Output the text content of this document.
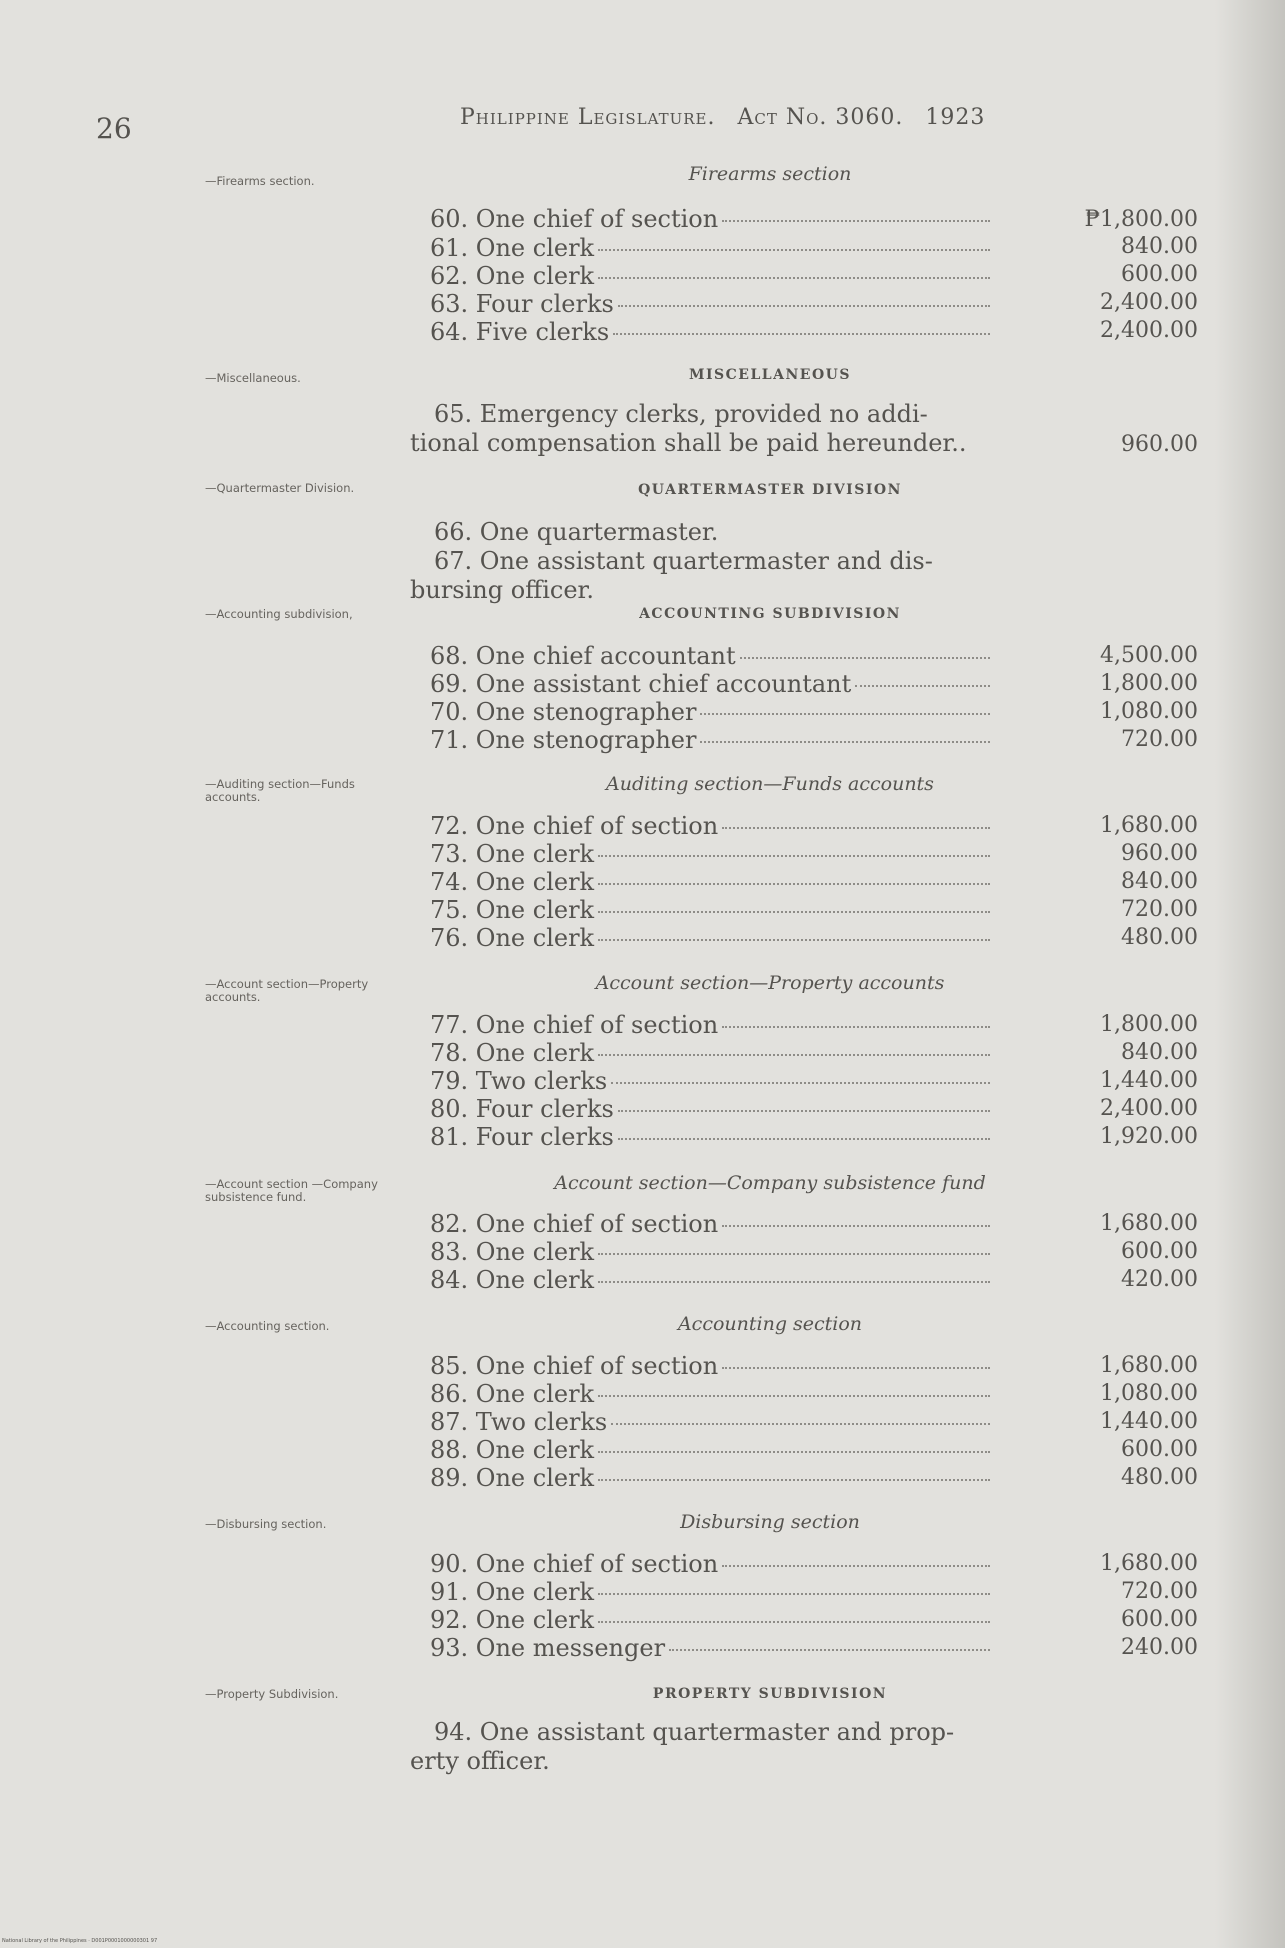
26	Philippine Legislature. Act No. 3060. 1923
—Firearms section.	Firearms section
60. One chief of section	₱1,800.00
61. One clerk	840.00
62. One clerk	600.00
63. Four clerks	2,400.00
64. Five clerks	2,400.00
—Miscellaneous.	MISCELLANEOUS
65. Emergency clerks, provided no addi-
tional compensation shall be paid hereunder..	960.00
—Quartermaster Division.	QUARTERMASTER DIVISION
66. One quartermaster.
67. One assistant quartermaster and dis-
bursing officer.
—Accounting subdivision,	ACCOUNTING SUBDIVISION
68. One chief accountant	4,500.00
69. One assistant chief accountant	1,800.00
70. One stenographer	1,080.00
71. One stenographer	720.00
—Auditing section—Funds accounts.
Auditing section—Funds accounts
72. One chief of section	1,680.00
73. One clerk	960.00
74. One clerk	840.00
75. One clerk	720.00
76. One clerk	480.00
—Account section—Property accounts.
Account section—Property accounts
77. One chief of section	1,800.00
78. One clerk	840.00
79. Two clerks	1,440.00
80. Four clerks	2,400.00
81. Four clerks	1,920.00
—Account section —Company subsistence fund.
Account section—Company subsistence fund
82. One chief of section	1,680.00
83. One clerk	600.00
84. One clerk	420.00
—Accounting section.	Accounting section
85. One chief of section	1,680.00
86. One clerk	1,080.00
87. Two clerks	1,440.00
88. One clerk	600.00
89. One clerk	480.00
—Disbursing section.	Disbursing section
90. One chief of section	1,680.00
91. One clerk	720.00
92. One clerk	600.00
93. One messenger	240.00
—Property Subdivision.	PROPERTY SUBDIVISION
94. One assistant quartermaster and prop-
erty officer.
National Library of the Philippines · D001P0001000000301 97
